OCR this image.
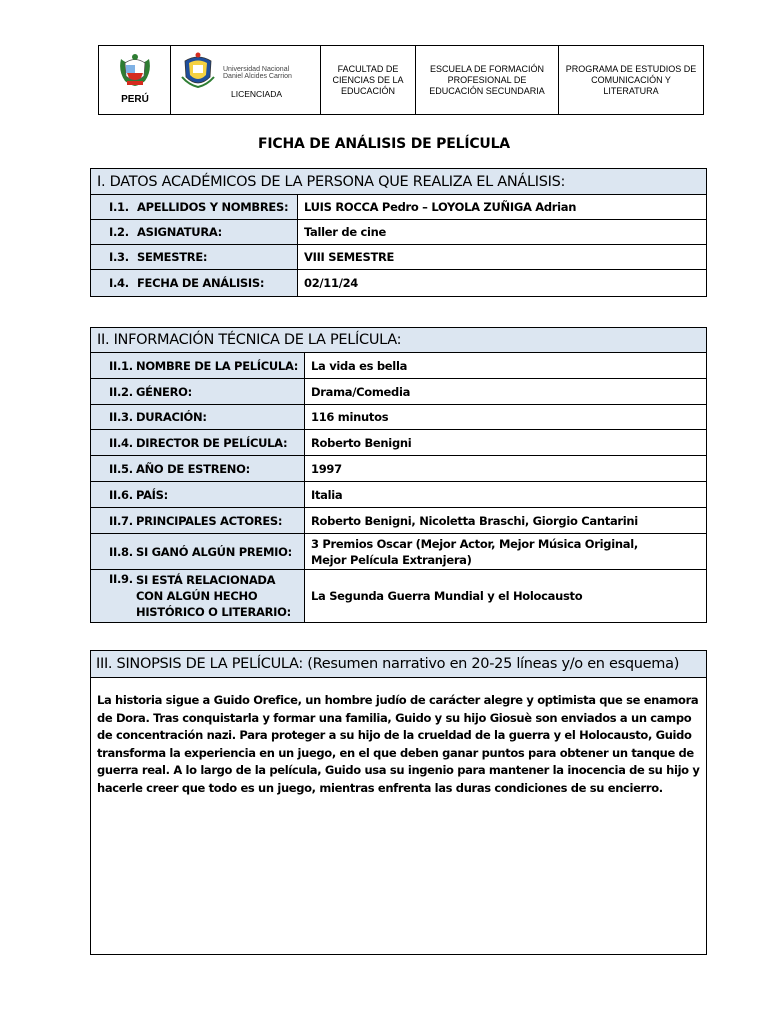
PERÚ
Universidad Nacional
Daniel Alcides Carrion
LICENCIADA
FACULTAD DE CIENCIAS DE LA EDUCACIÓN
ESCUELA DE FORMACIÓN PROFESIONAL DE EDUCACIÓN SECUNDARIA
PROGRAMA DE ESTUDIOS DE COMUNICACIÓN Y LITERATURA
FICHA DE ANÁLISIS DE PELÍCULA
I. DATOS ACADÉMICOS DE LA PERSONA QUE REALIZA EL ANÁLISIS:
I.1. APELLIDOS Y NOMBRES:	LUIS ROCCA Pedro – LOYOLA ZUÑIGA Adrian
I.2. ASIGNATURA:	Taller de cine
I.3. SEMESTRE:	VIII SEMESTRE
I.4. FECHA DE ANÁLISIS:	02/11/24
II. INFORMACIÓN TÉCNICA DE LA PELÍCULA:
II.1. NOMBRE DE LA PELÍCULA:	La vida es bella
II.2. GÉNERO:	Drama/Comedia
II.3. DURACIÓN:	116 minutos
II.4. DIRECTOR DE PELÍCULA:	Roberto Benigni
II.5. AÑO DE ESTRENO:	1997
II.6. PAÍS:	Italia
II.7. PRINCIPALES ACTORES:	Roberto Benigni, Nicoletta Braschi, Giorgio Cantarini
II.8. SI GANÓ ALGÚN PREMIO:
3 Premios Oscar (Mejor Actor, Mejor Música Original, Mejor Película Extranjera)
II.9. SI ESTÁ RELACIONADA CON ALGÚN HECHO HISTÓRICO O LITERARIO:
La Segunda Guerra Mundial y el Holocausto
III. SINOPSIS DE LA PELÍCULA: (Resumen narrativo en 20-25 líneas y/o en esquema)
La historia sigue a Guido Orefice, un hombre judío de carácter alegre y optimista que se enamora de Dora. Tras conquistarla y formar una familia, Guido y su hijo Giosuè son enviados a un campo de concentración nazi. Para proteger a su hijo de la crueldad de la guerra y el Holocausto, Guido transforma la experiencia en un juego, en el que deben ganar puntos para obtener un tanque de guerra real. A lo largo de la película, Guido usa su ingenio para mantener la inocencia de su hijo y hacerle creer que todo es un juego, mientras enfrenta las duras condiciones de su encierro.
